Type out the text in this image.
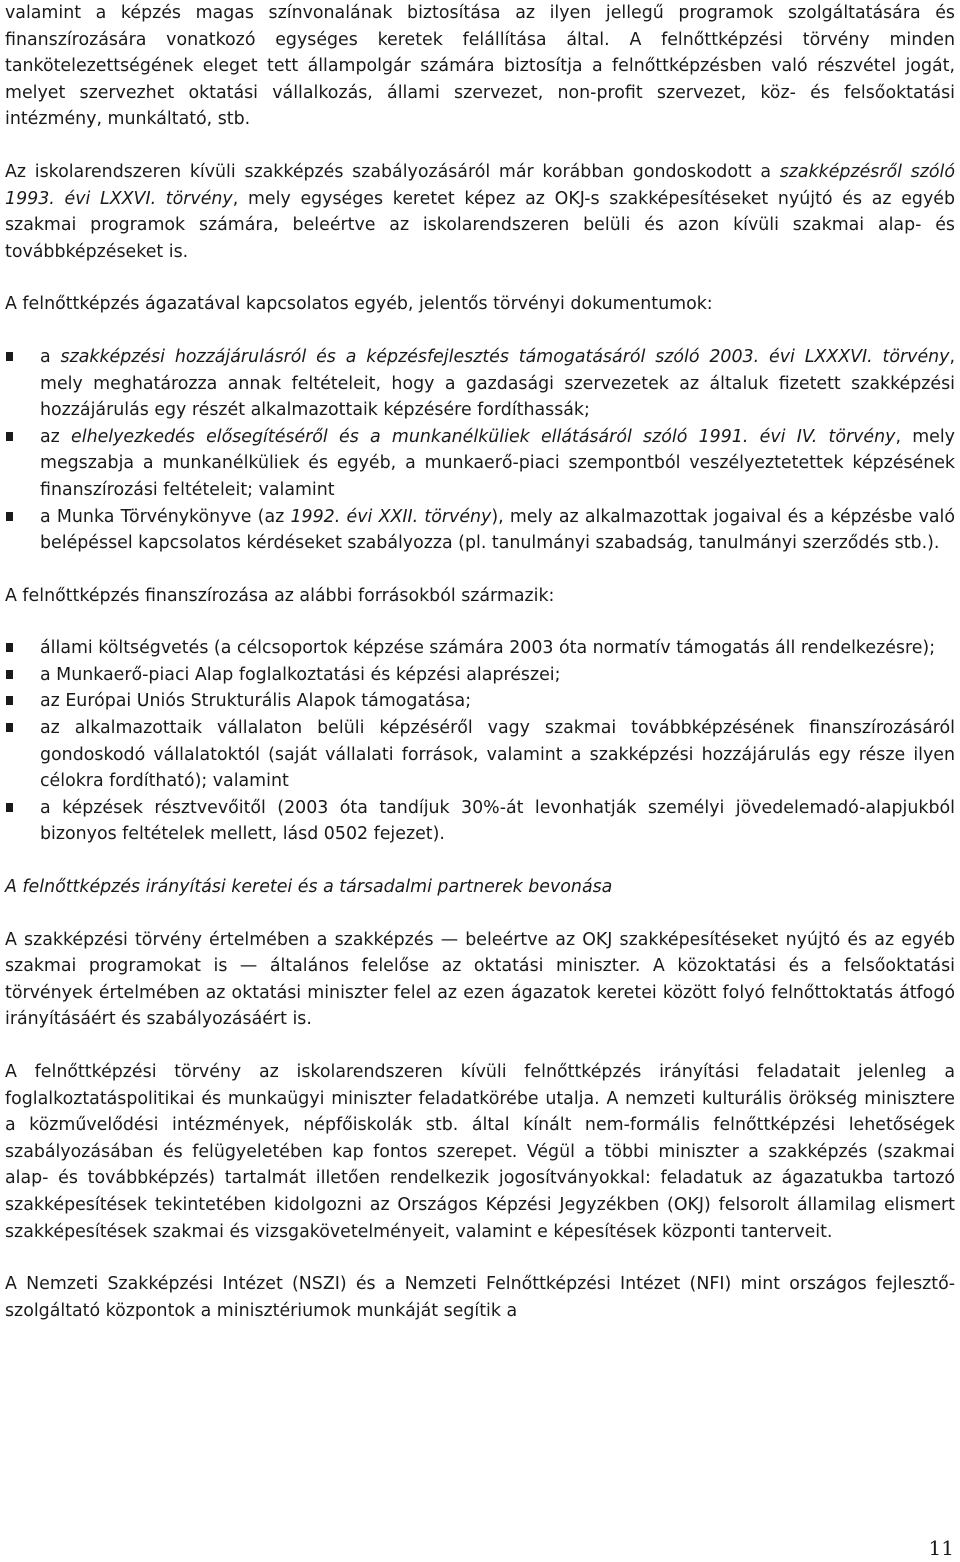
valamint a képzés magas színvonalának biztosítása az ilyen jellegű programok szolgáltatására és finanszírozására vonatkozó egységes keretek felállítása által. A felnőttképzési törvény minden tankötelezettségének eleget tett állampolgár számára biztosítja a felnőttképzésben való részvétel jogát, melyet szervezhet oktatási vállalkozás, állami szervezet, non-profit szervezet, köz- és felsőoktatási intézmény, munkáltató, stb.

Az iskolarendszeren kívüli szakképzés szabályozásáról már korábban gondoskodott a szakképzésről szóló 1993. évi LXXVI. törvény, mely egységes keretet képez az OKJ-s szakképesítéseket nyújtó és az egyéb szakmai programok számára, beleértve az iskolarendszeren belüli és azon kívüli szakmai alap- és továbbképzéseket is.

A felnőttképzés ágazatával kapcsolatos egyéb, jelentős törvényi dokumentumok:

a szakképzési hozzájárulásról és a képzésfejlesztés támogatásáról szóló 2003. évi LXXXVI. törvény, mely meghatározza annak feltételeit, hogy a gazdasági szervezetek az általuk fizetett szakképzési hozzájárulás egy részét alkalmazottaik képzésére fordíthassák;
az elhelyezkedés elősegítéséről és a munkanélküliek ellátásáról szóló 1991. évi IV. törvény, mely megszabja a munkanélküliek és egyéb, a munkaerő-piaci szempontból veszélyeztetettek képzésének finanszírozási feltételeit; valamint
a Munka Törvénykönyve (az 1992. évi XXII. törvény), mely az alkalmazottak jogaival és a képzésbe való belépéssel kapcsolatos kérdéseket szabályozza (pl. tanulmányi szabadság, tanulmányi szerződés stb.).

A felnőttképzés finanszírozása az alábbi forrásokból származik:

állami költségvetés (a célcsoportok képzése számára 2003 óta normatív támogatás áll rendelkezésre);
a Munkaerő-piaci Alap foglalkoztatási és képzési alaprészei;
az Európai Uniós Strukturális Alapok támogatása;
az alkalmazottaik vállalaton belüli képzéséről vagy szakmai továbbképzésének finanszírozásáról gondoskodó vállalatoktól (saját vállalati források, valamint a szakképzési hozzájárulás egy része ilyen célokra fordítható); valamint
a képzések résztvevőitől (2003 óta tandíjuk 30%-át levonhatják személyi jövedelemadó-alapjukból bizonyos feltételek mellett, lásd 0502 fejezet).

A felnőttképzés irányítási keretei és a társadalmi partnerek bevonása

A szakképzési törvény értelmében a szakképzés — beleértve az OKJ szakképesítéseket nyújtó és az egyéb szakmai programokat is — általános felelőse az oktatási miniszter. A közoktatási és a felsőoktatási törvények értelmében az oktatási miniszter felel az ezen ágazatok keretei között folyó felnőttoktatás átfogó irányításáért és szabályozásáért is.

A felnőttképzési törvény az iskolarendszeren kívüli felnőttképzés irányítási feladatait jelenleg a foglalkoztatáspolitikai és munkaügyi miniszter feladatkörébe utalja. A nemzeti kulturális örökség minisztere a közművelődési intézmények, népfőiskolák stb. által kínált nem-formális felnőttképzési lehetőségek szabályozásában és felügyeletében kap fontos szerepet. Végül a többi miniszter a szakképzés (szakmai alap- és továbbképzés) tartalmát illetően rendelkezik jogosítványokkal: feladatuk az ágazatukba tartozó szakképesítések tekintetében kidolgozni az Országos Képzési Jegyzékben (OKJ) felsorolt államilag elismert szakképesítések szakmai és vizsgakövetelményeit, valamint e képesítések központi tanterveit.

A Nemzeti Szakképzési Intézet (NSZI) és a Nemzeti Felnőttképzési Intézet (NFI) mint országos fejlesztő-szolgáltató központok a minisztériumok munkáját segítik a

11
